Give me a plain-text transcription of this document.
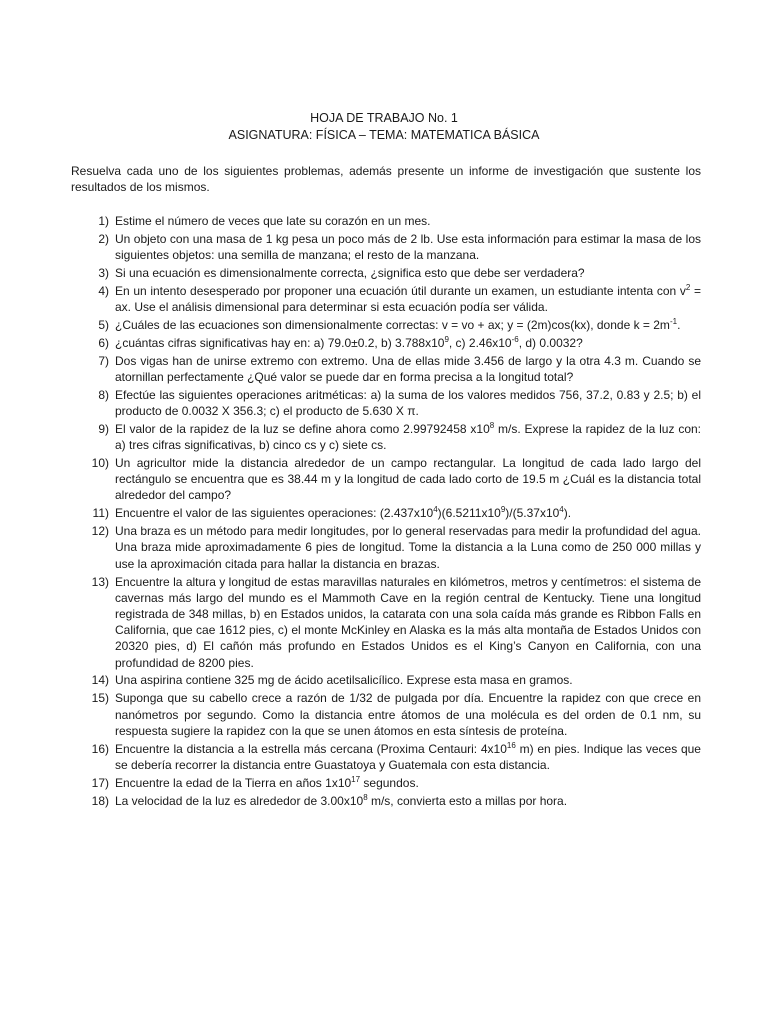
HOJA DE TRABAJO No. 1
ASIGNATURA: FÍSICA – TEMA: MATEMATICA BÁSICA
Resuelva cada uno de los siguientes problemas, además presente un informe de investigación que sustente los resultados de los mismos.
1) Estime el número de veces que late su corazón en un mes.
2) Un objeto con una masa de 1 kg pesa un poco más de 2 lb. Use esta información para estimar la masa de los siguientes objetos: una semilla de manzana; el resto de la manzana.
3) Si una ecuación es dimensionalmente correcta, ¿significa esto que debe ser verdadera?
4) En un intento desesperado por proponer una ecuación útil durante un examen, un estudiante intenta con $v^2$ = ax. Use el análisis dimensional para determinar si esta ecuación podía ser válida.
5) ¿Cuáles de las ecuaciones son dimensionalmente correctas: v = vo + ax; y = (2m)cos(kx), donde $k = 2m^{-1}$.
6) ¿cuántas cifras significativas hay en: a) 79.0±0.2, b) $3.788x10^9$, c) $2.46x10^{-6}$, d) 0.0032?
7) Dos vigas han de unirse extremo con extremo. Una de ellas mide 3.456 de largo y la otra 4.3 m. Cuando se atornillan perfectamente ¿Qué valor se puede dar en forma precisa a la longitud total?
8) Efectúe las siguientes operaciones aritméticas: a) la suma de los valores medidos 756, 37.2, 0.83 y 2.5; b) el producto de 0.0032 X 356.3; c) el producto de 5.630 X π.
9) El valor de la rapidez de la luz se define ahora como 2.99792458 $x10^8$ m/s. Exprese la rapidez de la luz con: a) tres cifras significativas, b) cinco cs y c) siete cs.
10) Un agricultor mide la distancia alrededor de un campo rectangular. La longitud de cada lado largo del rectángulo se encuentra que es 38.44 m y la longitud de cada lado corto de 19.5 m ¿Cuál es la distancia total alrededor del campo?
11) Encuentre el valor de las siguientes operaciones: $(2.437x10^4)(6.5211x10^9)/(5.37x10^4)$.
12) Una braza es un método para medir longitudes, por lo general reservadas para medir la profundidad del agua. Una braza mide aproximadamente 6 pies de longitud. Tome la distancia a la Luna como de 250 000 millas y use la aproximación citada para hallar la distancia en brazas.
13) Encuentre la altura y longitud de estas maravillas naturales en kilómetros, metros y centímetros: el sistema de cavernas más largo del mundo es el Mammoth Cave en la región central de Kentucky. Tiene una longitud registrada de 348 millas, b) en Estados unidos, la catarata con una sola caída más grande es Ribbon Falls en California, que cae 1612 pies, c) el monte McKinley en Alaska es la más alta montaña de Estados Unidos con 20320 pies, d) El cañón más profundo en Estados Unidos es el King’s Canyon en California, con una profundidad de 8200 pies.
14) Una aspirina contiene 325 mg de ácido acetilsalicílico. Exprese esta masa en gramos.
15) Suponga que su cabello crece a razón de 1/32 de pulgada por día. Encuentre la rapidez con que crece en nanómetros por segundo. Como la distancia entre átomos de una molécula es del orden de 0.1 nm, su respuesta sugiere la rapidez con la que se unen átomos en esta síntesis de proteína.
16) Encuentre la distancia a la estrella más cercana (Proxima Centauri: $4x10^{16}$ m) en pies. Indique las veces que se debería recorrer la distancia entre Guastatoya y Guatemala con esta distancia.
17) Encuentre la edad de la Tierra en años $1x10^{17}$ segundos.
18) La velocidad de la luz es alrededor de $3.00x10^8$ m/s, convierta esto a millas por hora.
